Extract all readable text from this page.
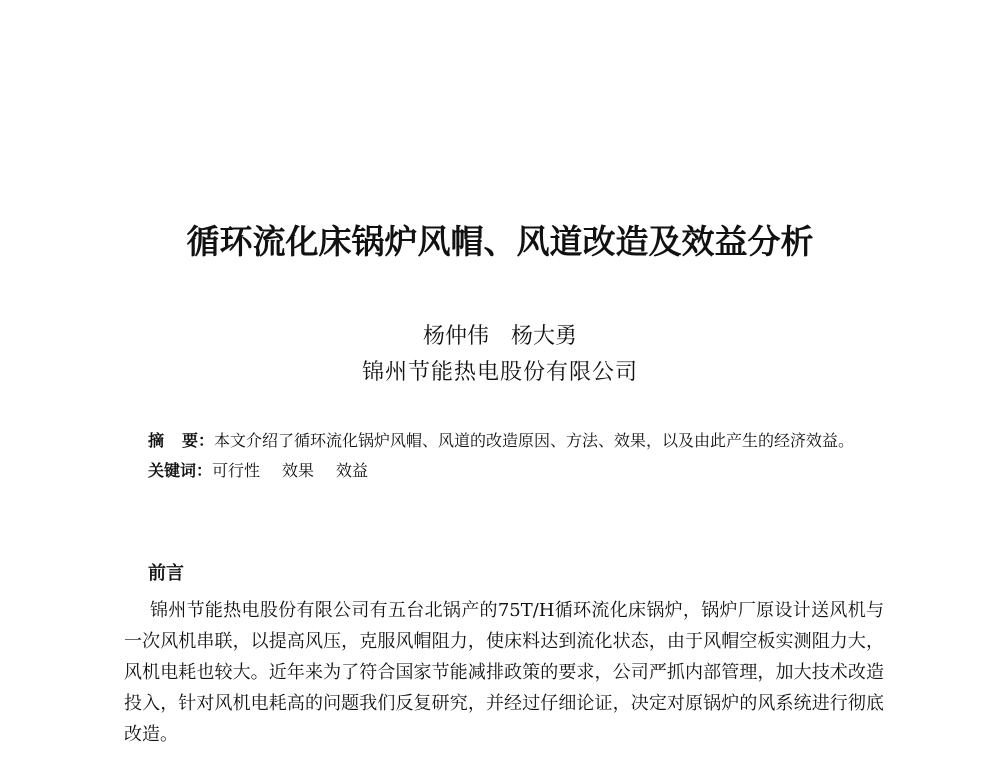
循环流化床锅炉风帽、风道改造及效益分析
杨仲伟 杨大勇
锦州节能热电股份有限公司
摘 要：本文介绍了循环流化锅炉风帽、风道的改造原因、方法、效果，以及由此产生的经济效益。
关键词：可行性 效果 效益
前言

锦州节能热电股份有限公司有五台北锅产的75T/H循环流化床锅炉，锅炉厂原设计送风机与一次风机串联，以提高风压，克服风帽阻力，使床料达到流化状态，由于风帽空板实测阻力大，风机电耗也较大。近年来为了符合国家节能减排政策的要求，公司严抓内部管理，加大技术改造投入，针对风机电耗高的问题我们反复研究，并经过仔细论证，决定对原锅炉的风系统进行彻底改造。
